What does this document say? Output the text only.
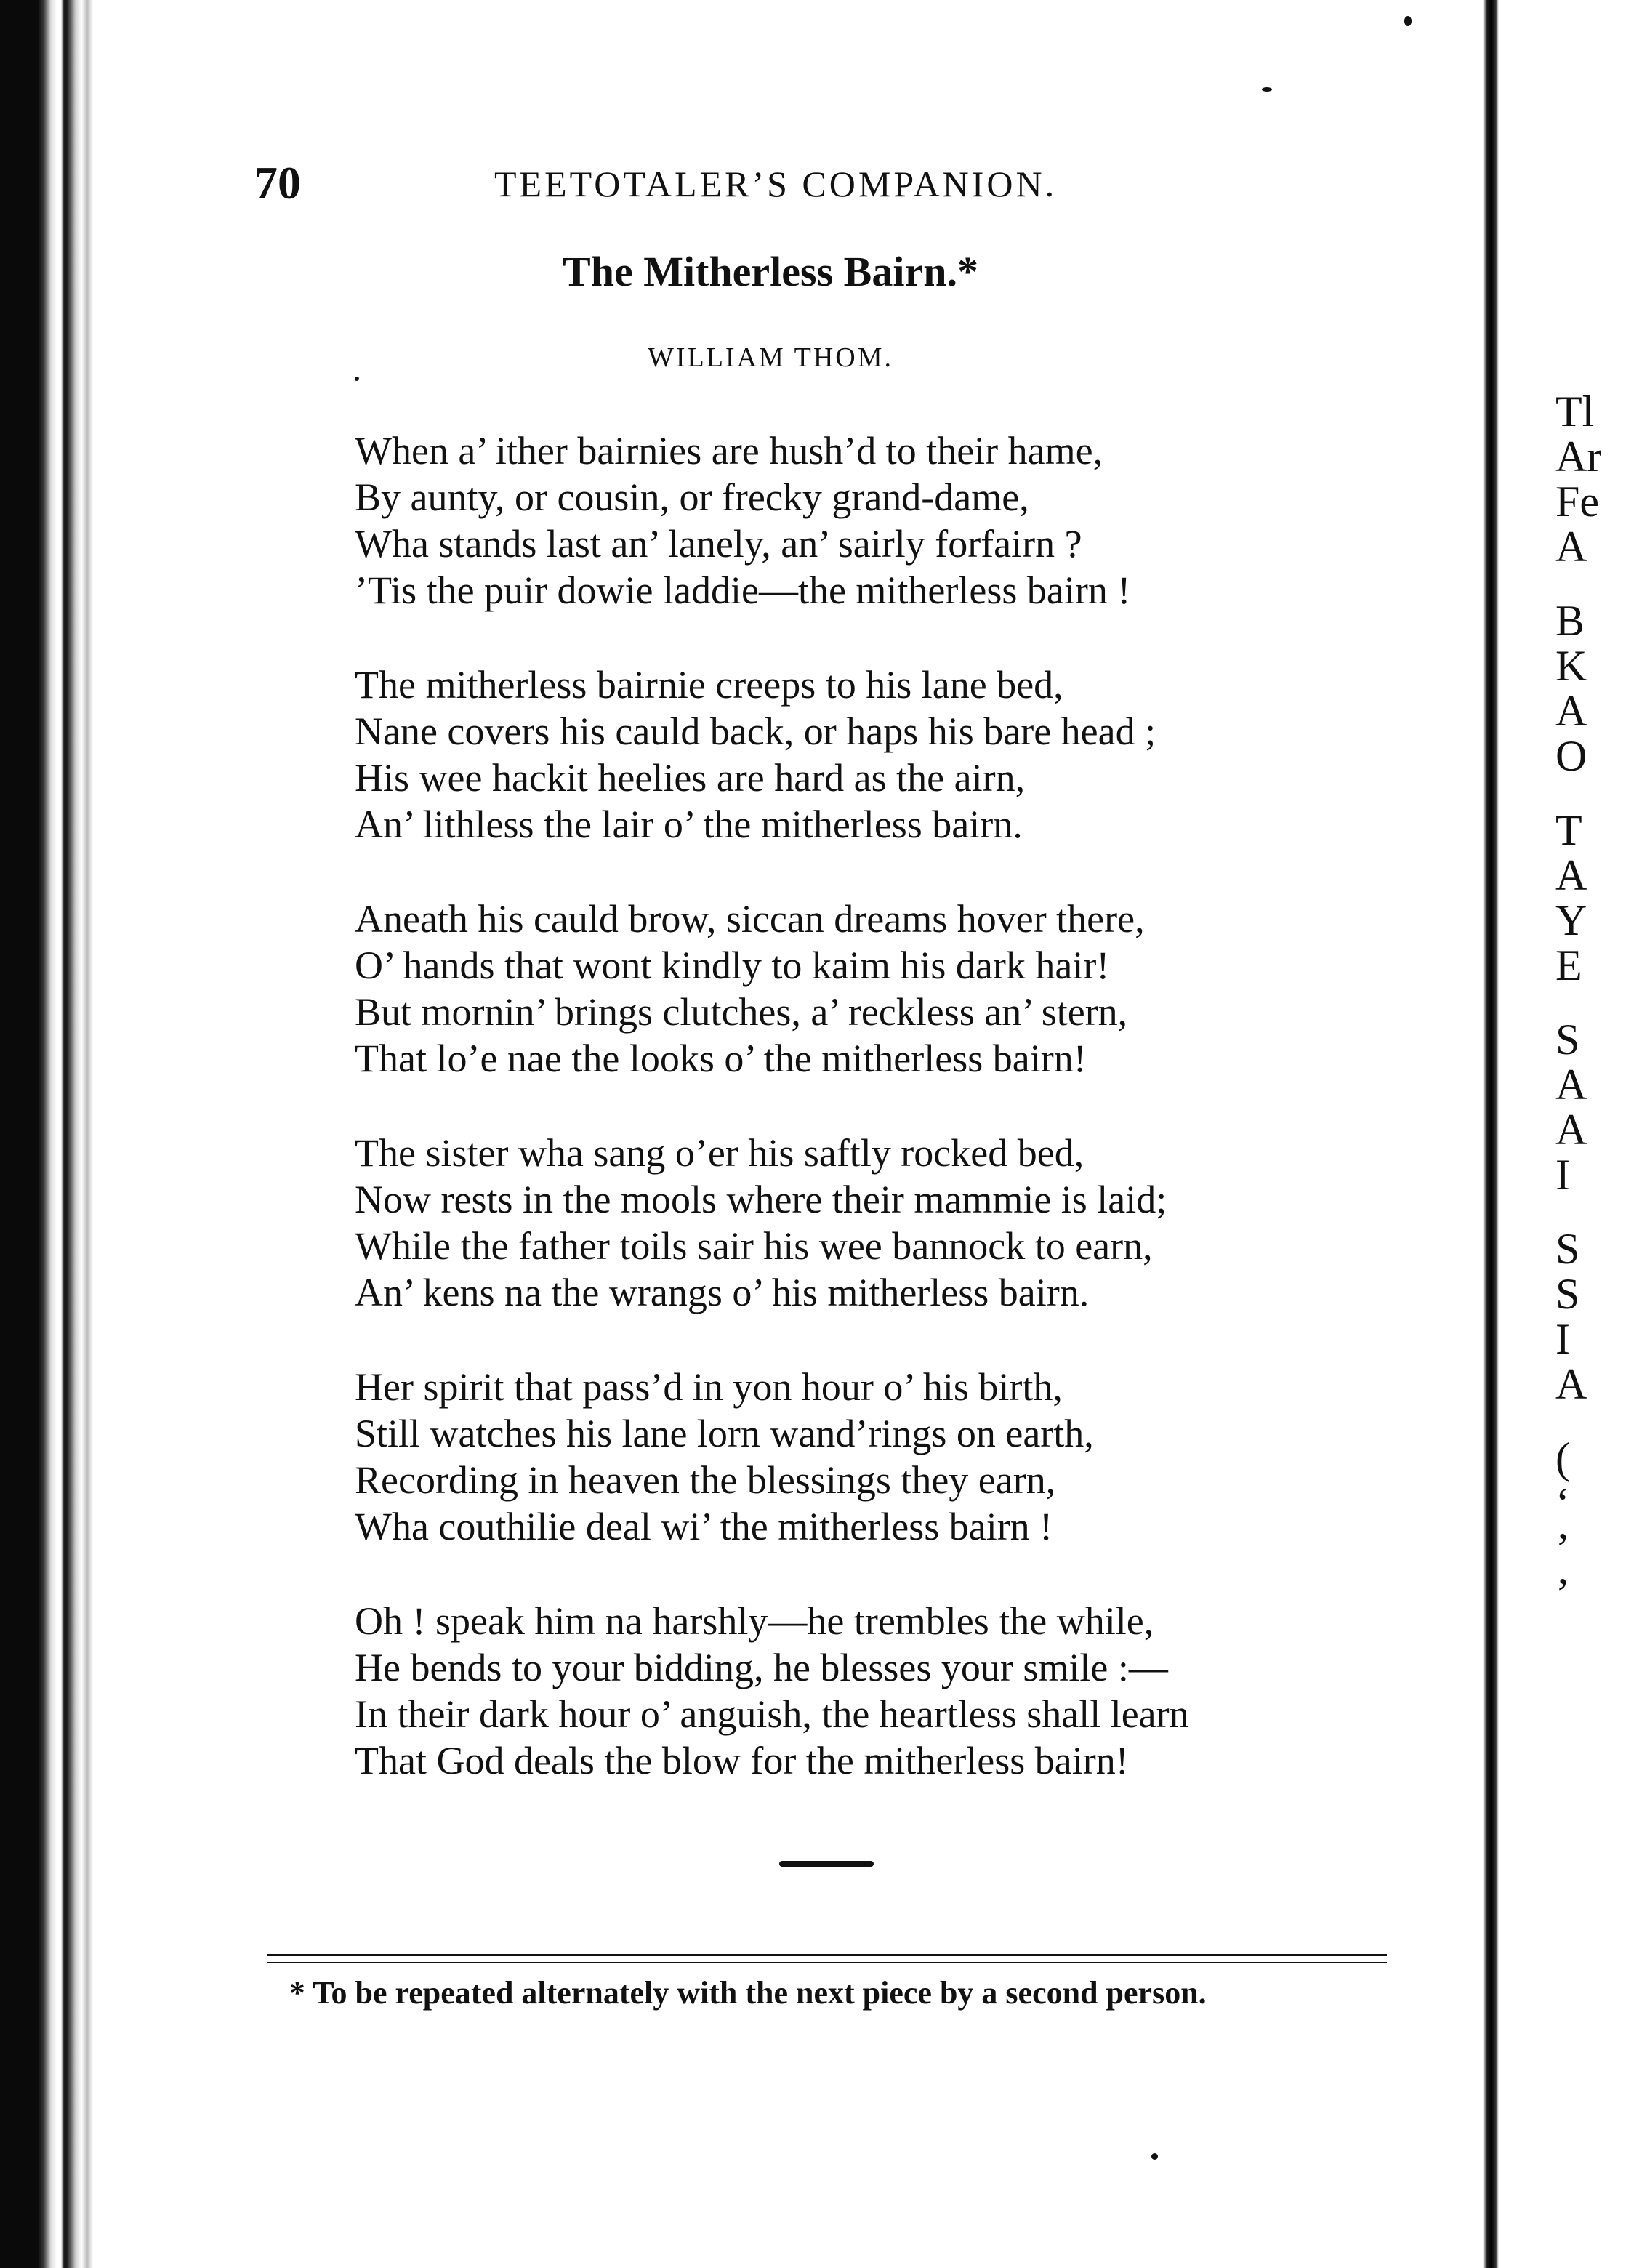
Tl
Ar
Fe
A
B
K
A
O
T
A
Y
E
S
A
A
I
S
S
I
A
(
‘
’
’
70	TEETOTALER’S COMPANION.
The Mitherless Bairn.*
WILLIAM THOM.
When a’ ither bairnies are hush’d to their hame,
By aunty, or cousin, or frecky grand-dame,
Wha stands last an’ lanely, an’ sairly forfairn ?
’Tis the puir dowie laddie—the mitherless bairn !
The mitherless bairnie creeps to his lane bed,
Nane covers his cauld back, or haps his bare head ;
His wee hackit heelies are hard as the airn,
An’ lithless the lair o’ the mitherless bairn.
Aneath his cauld brow, siccan dreams hover there,
O’ hands that wont kindly to kaim his dark hair!
But mornin’ brings clutches, a’ reckless an’ stern,
That lo’e nae the looks o’ the mitherless bairn!
The sister wha sang o’er his saftly rocked bed,
Now rests in the mools where their mammie is laid;
While the father toils sair his wee bannock to earn,
An’ kens na the wrangs o’ his mitherless bairn.
Her spirit that pass’d in yon hour o’ his birth,
Still watches his lane lorn wand’rings on earth,
Recording in heaven the blessings they earn,
Wha couthilie deal wi’ the mitherless bairn !
Oh ! speak him na harshly—he trembles the while,
He bends to your bidding, he blesses your smile :—
In their dark hour o’ anguish, the heartless shall learn
That God deals the blow for the mitherless bairn!
* To be repeated alternately with the next piece by a second person.
